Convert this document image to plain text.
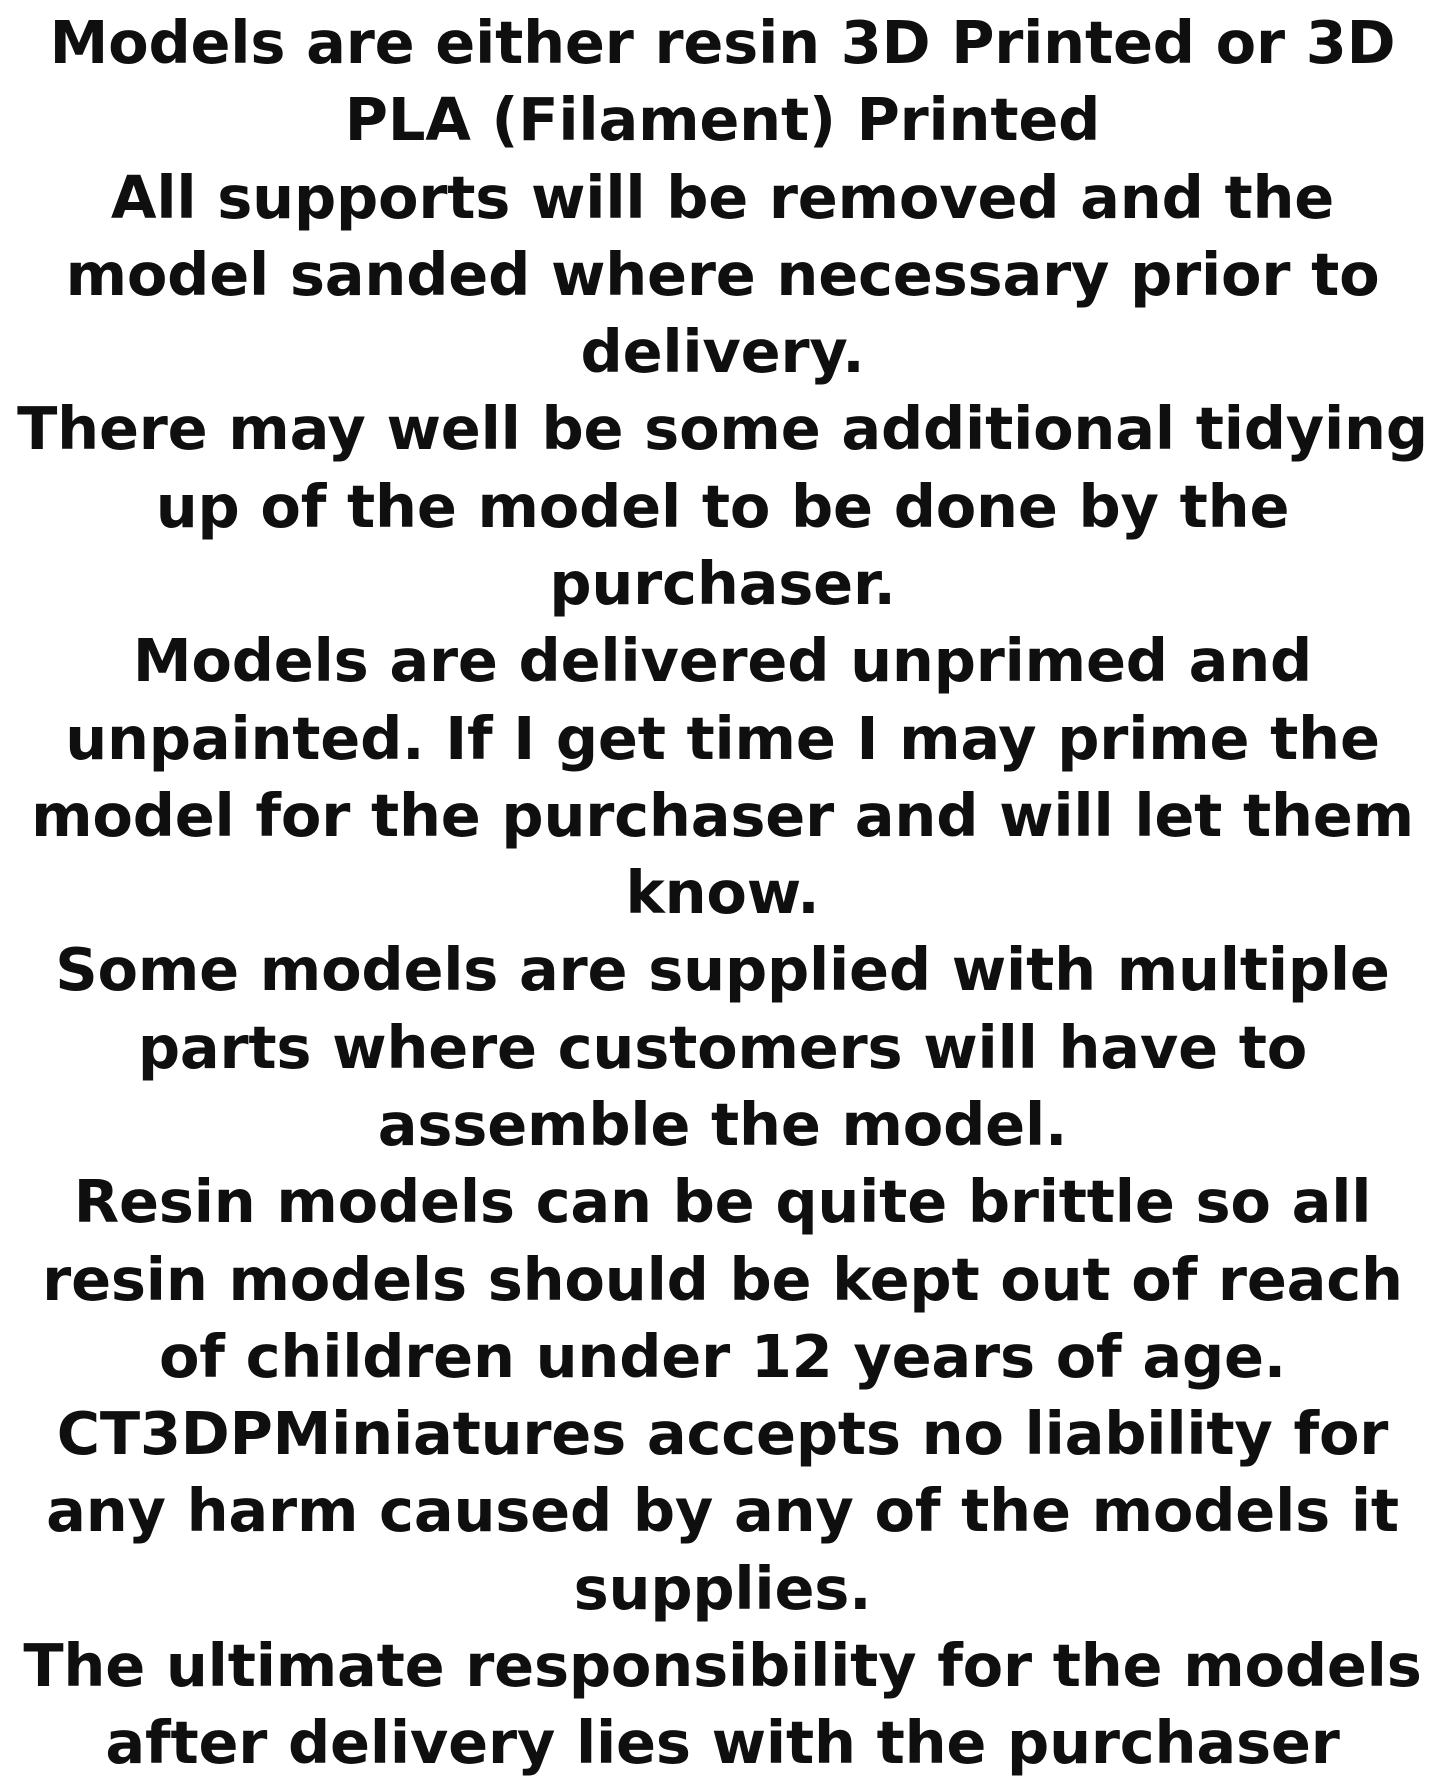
Models are either resin 3D Printed or 3D PLA (Filament) Printed

All supports will be removed and the model sanded where necessary prior to delivery.

There may well be some additional tidying up of the model to be done by the purchaser.

Models are delivered unprimed and unpainted. If I get time I may prime the model for the purchaser and will let them know.

Some models are supplied with multiple parts where customers will have to assemble the model.

Resin models can be quite brittle so all resin models should be kept out of reach of children under 12 years of age.

CT3DPMiniatures accepts no liability for any harm caused by any of the models it supplies.

The ultimate responsibility for the models after delivery lies with the purchaser
